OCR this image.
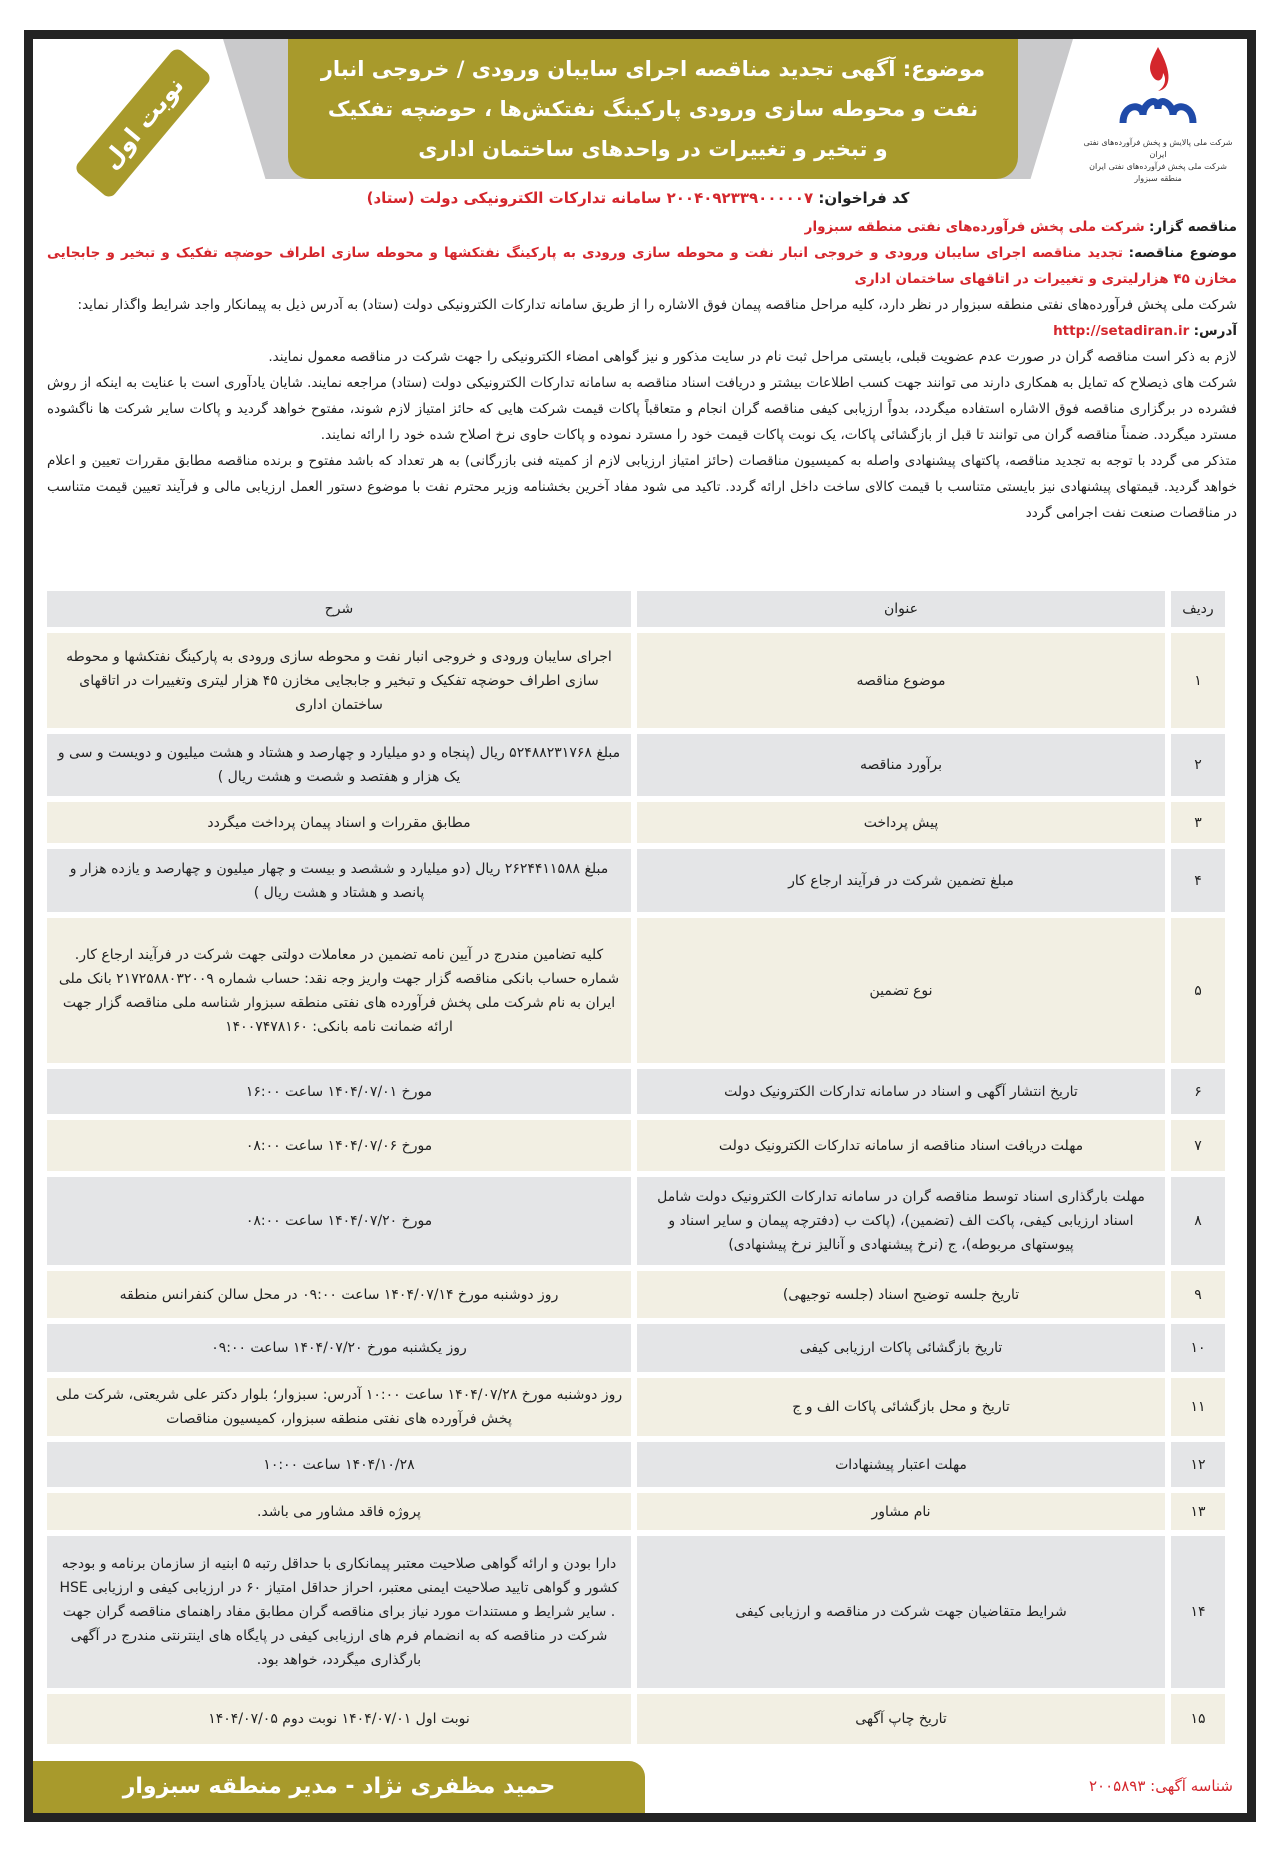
موضوع: آگهی تجدید مناقصه اجرای سایبان ورودی / خروجی انبار
نفت و محوطه سازی ورودی پارکینگ نفتکش‌ها ، حوضچه تفکیک
و تبخیر و تغییرات در واحدهای ساختمان اداری
نوبت اول	شرکت ملی پالایش و پخش فرآورده‌های نفتی ایران
شرکت ملی پخش فرآورده‌های نفتی ایران
منطقه سبزوار
کد فراخوان: ۲۰۰۴۰۹۲۳۳۹۰۰۰۰۰۷ سامانه تدارکات الکترونیکی دولت (ستاد)

مناقصه گزار: شرکت ملی پخش فرآورده‌های نفتی منطقه سبزوار

موضوع مناقصه: تجدید مناقصه اجرای سایبان ورودی و خروجی انبار نفت و محوطه سازی ورودی به پارکینگ نفتکشها و محوطه سازی اطراف حوضچه تفکیک و تبخیر و جابجایی مخازن ۴۵ هزارلیتری و تغییرات در اتاقهای ساختمان اداری

شرکت ملی پخش فرآورده‌های نفتی منطقه سبزوار در نظر دارد، کلیه مراحل مناقصه پیمان فوق الاشاره را از طریق سامانه تدارکات الکترونیکی دولت (ستاد) به آدرس ذیل به پیمانکار واجد شرایط واگذار نماید:

آدرس: http://setadiran.ir

لازم به ذکر است مناقصه گران در صورت عدم عضویت قبلی، بایستی مراحل ثبت نام در سایت مذکور و نیز گواهی امضاء الکترونیکی را جهت شرکت در مناقصه معمول نمایند.

شرکت های ذیصلاح که تمایل به همکاری دارند می توانند جهت کسب اطلاعات بیشتر و دریافت اسناد مناقصه به سامانه تدارکات الکترونیکی دولت (ستاد) مراجعه نمایند. شایان یادآوری است با عنایت به اینکه از روش فشرده در برگزاری مناقصه فوق الاشاره استفاده میگردد، بدواً ارزیابی کیفی مناقصه گران انجام و متعاقباً پاکات قیمت شرکت هایی که حائز امتیاز لازم شوند، مفتوح خواهد گردید و پاکات سایر شرکت ها ناگشوده مسترد میگردد. ضمناً مناقصه گران می توانند تا قبل از بازگشائی پاکات، یک نوبت پاکات قیمت خود را مسترد نموده و پاکات حاوی نرخ اصلاح شده خود را ارائه نمایند.

متذکر می گردد با توجه به تجدید مناقصه، پاکتهای پیشنهادی واصله به کمیسیون مناقصات (حائز امتیاز ارزیابی لازم از کمیته فنی بازرگانی) به هر تعداد که باشد مفتوح و برنده مناقصه مطابق مقررات تعیین و اعلام خواهد گردید. قیمتهای پیشنهادی نیز بایستی متناسب با قیمت کالای ساخت داخل ارائه گردد. تاکید می شود مفاد آخرین بخشنامه وزیر محترم نفت با موضوع دستور العمل ارزیابی مالی و فرآیند تعیین قیمت متناسب در مناقصات صنعت نفت اجرامی گردد

ردیف	عنوان	شرح
۱	موضوع مناقصه	اجرای سایبان ورودی و خروجی انبار نفت و محوطه سازی ورودی به پارکینگ نفتکشها و محوطه سازی اطراف حوضچه تفکیک و تبخیر و جابجایی مخازن ۴۵ هزار لیتری وتغییرات در اتاقهای ساختمان اداری
۲	برآورد مناقصه	مبلغ ۵۲۴۸۸۲۳۱۷۶۸ ریال (پنجاه و دو میلیارد و چهارصد و هشتاد و هشت میلیون و دویست و سی و یک هزار و هفتصد و شصت و هشت ریال )
۳	پیش پرداخت	مطابق مقررات و اسناد پیمان پرداخت میگردد
۴	مبلغ تضمین شرکت در فرآیند ارجاع کار	مبلغ ۲۶۲۴۴۱۱۵۸۸ ریال (دو میلیارد و ششصد و بیست و چهار میلیون و چهارصد و یازده هزار و پانصد و هشتاد و هشت ریال )
۵	نوع تضمین	کلیه تضامین مندرج در آیین نامه تضمین در معاملات دولتی جهت شرکت در فرآیند ارجاع کار. شماره حساب بانکی مناقصه گزار جهت واریز وجه نقد: حساب شماره ۲۱۷۲۵۸۸۰۳۲۰۰۹ بانک ملی ایران به نام شرکت ملی پخش فرآورده های نفتی منطقه سبزوار شناسه ملی مناقصه گزار جهت ارائه ضمانت نامه بانکی: ۱۴۰۰۷۴۷۸۱۶۰
۶	تاریخ انتشار آگهی و اسناد در سامانه تدارکات الکترونیک دولت	مورخ ۱۴۰۴/۰۷/۰۱ ساعت ۱۶:۰۰
۷	مهلت دریافت اسناد مناقصه از سامانه تدارکات الکترونیک دولت	مورخ ۱۴۰۴/۰۷/۰۶ ساعت ۰۸:۰۰
۸	مهلت بارگذاری اسناد توسط مناقصه گران در سامانه تدارکات الکترونیک دولت شامل اسناد ارزیابی کیفی، پاکت الف (تضمین)، (پاکت ب (دفترچه پیمان و سایر اسناد و پیوستهای مربوطه)، ج (نرخ پیشنهادی و آنالیز نرخ پیشنهادی)	مورخ ۱۴۰۴/۰۷/۲۰ ساعت ۰۸:۰۰
۹	تاریخ جلسه توضیح اسناد (جلسه توجیهی)	روز دوشنبه مورخ ۱۴۰۴/۰۷/۱۴ ساعت ۰۹:۰۰ در محل سالن کنفرانس منطقه
۱۰	تاریخ بازگشائی پاکات ارزیابی کیفی	روز یکشنبه مورخ ۱۴۰۴/۰۷/۲۰ ساعت ۰۹:۰۰
۱۱	تاریخ و محل بازگشائی پاکات الف و ج	روز دوشنبه مورخ ۱۴۰۴/۰۷/۲۸ ساعت ۱۰:۰۰ آدرس: سبزوار؛ بلوار دکتر علی شریعتی، شرکت ملی پخش فرآورده های نفتی منطقه سبزوار، کمیسیون مناقصات
۱۲	مهلت اعتبار پیشنهادات	۱۴۰۴/۱۰/۲۸ ساعت ۱۰:۰۰
۱۳	نام مشاور	پروژه فاقد مشاور می باشد.
۱۴	شرایط متقاضیان جهت شرکت در مناقصه و ارزیابی کیفی	دارا بودن و ارائه گواهی صلاحیت معتبر پیمانکاری با حداقل رتبه ۵ ابنیه از سازمان برنامه و بودجه کشور و گواهی تایید صلاحیت ایمنی معتبر، احراز حداقل امتیاز ۶۰ در ارزیابی کیفی و ارزیابی HSE . سایر شرایط و مستندات مورد نیاز برای مناقصه گران مطابق مفاد راهنمای مناقصه گران جهت شرکت در مناقصه که به انضمام فرم های ارزیابی کیفی در پایگاه های اینترنتی مندرج در آگهی بارگذاری میگردد، خواهد بود.
۱۵	تاریخ چاپ آگهی	نوبت اول ۱۴۰۴/۰۷/۰۱ نوبت دوم ۱۴۰۴/۰۷/۰۵
حمید مظفری نژاد - مدیر منطقه سبزوار	شناسه آگهی: ۲۰۰۵۸۹۳
